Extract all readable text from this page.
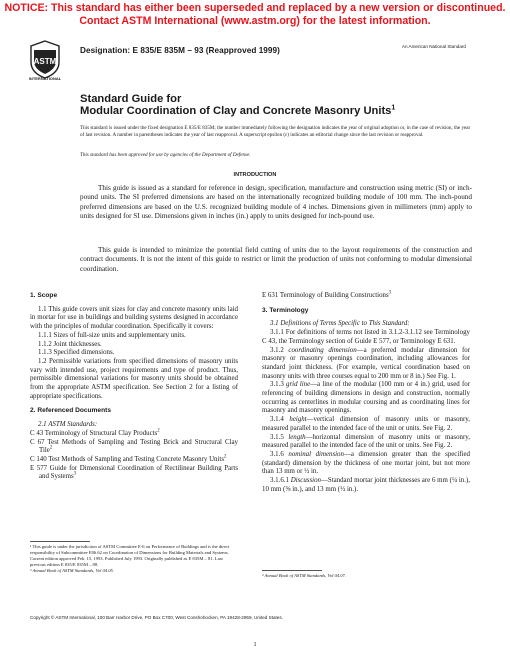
NOTICE: This standard has either been superseded and replaced by a new version or discontinued.
Contact ASTM International (www.astm.org) for the latest information.
ASTM
INTERNATIONAL
Designation: E 835/E 835M – 93 (Reapproved 1999)	An American National Standard
Standard Guide for
Modular Coordination of Clay and Concrete Masonry Units$^1$
This standard is issued under the fixed designation E 835/E 835M; the number immediately following the designation indicates the year of original adoption or, in the case of revision, the year of last revision. A number in parentheses indicates the year of last reapproval. A superscript epsilon (ε) indicates an editorial change since the last revision or reapproval.
This standard has been approved for use by agencies of the Department of Defense.
INTRODUCTION

This guide is issued as a standard for reference in design, specification, manufacture and construction using metric (SI) or inch-pound units. The SI preferred dimensions are based on the internationally recognized building module of 100 mm. The inch-pound preferred dimensions are based on the U.S. recognized building module of 4 inches. Dimensions given in millimeters (mm) apply to units designed for SI use. Dimensions given in inches (in.) apply to units designed for inch-pound use.

This guide is intended to minimize the potential field cutting of units due to the layout requirements of the construction and contract documents. It is not the intent of this guide to restrict or limit the production of units not conforming to modular dimensional coordination.

1. Scope

1.1 This guide covers unit sizes for clay and concrete masonry units laid in mortar for use in buildings and building systems designed in accordance with the principles of modular coordination. Specifically it covers:

1.1.1 Sizes of full-size units and supplementary units.

1.1.2 Joint thicknesses.

1.1.3 Specified dimensions.

1.2 Permissible variations from specified dimensions of masonry units vary with intended use, project requirements and type of product. Thus, permissible dimensional variations for masonry units should be obtained from the appropriate ASTM specification. See Section 2 for a listing of appropriate specifications.

2. Referenced Documents

2.1 ASTM Standards:

C 43 Terminology of Structural Clay Products$^2$

C 67 Test Methods of Sampling and Testing Brick and Structural Clay Tile$^2$

C 140 Test Methods of Sampling and Testing Concrete Masonry Units$^2$

E 577 Guide for Dimensional Coordination of Rectilinear Building Parts and Systems$^3$

E 631 Terminology of Building Constructions$^3$

3. Terminology

3.1 Definitions of Terms Specific to This Standard:

3.1.1 For definitions of terms not listed in 3.1.2-3.1.12 see Terminology C 43, the Terminology section of Guide E 577, or Terminology E 631.

3.1.2 coordinating dimension—a preferred modular dimension for masonry or masonry openings coordination, including allowances for standard joint thickness. (For example, vertical coordination based on masonry units with three courses equal to 200 mm or 8 in.) See Fig. 1.

3.1.3 grid line—a line of the modular (100 mm or 4 in.) grid, used for referencing of building dimensions in design and construction, normally occurring as centerlines in modular coursing and as coordinating lines for masonry and masonry openings.

3.1.4 height—vertical dimension of masonry units or masonry, measured parallel to the intended face of the unit or units. See Fig. 2.

3.1.5 length—horizontal dimension of masonry units or masonry, measured parallel to the intended face of the unit or units. See Fig. 2.

3.1.6 nominal dimension—a dimension greater than the specified (standard) dimension by the thickness of one mortar joint, but not more than 13 mm or ½ in.

3.1.6.1 Discussion—Standard mortar joint thicknesses are 6 mm (¼ in.), 10 mm (⅜ in.), and 13 mm (½ in.).

¹ This guide is under the jurisdiction of ASTM Committee E-6 on Performance of Buildings and is the direct responsibility of Subcommittee E06.62 on Coordination of Dimensions for Building Materials and Systems.

Current edition approved Feb. 15, 1993. Published July 1993. Originally published as E 835M – 81. Last previous edition E 835/E 835M – 88.

² Annual Book of ASTM Standards, Vol 04.05.

³ Annual Book of ASTM Standards, Vol 04.07.

Copyright © ASTM International, 100 Barr Harbor Drive, PO Box C700, West Conshohocken, PA 19428-2959, United States.
1
